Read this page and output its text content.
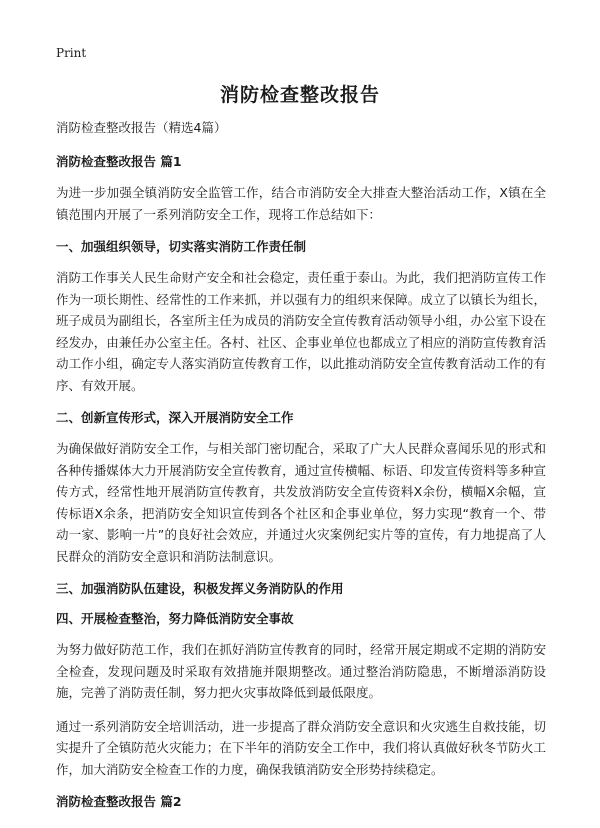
Print
消防检查整改报告

消防检查整改报告（精选4篇）

消防检查整改报告 篇1

为进一步加强全镇消防安全监管工作，结合市消防安全大排查大整治活动工作，X镇在全镇范围内开展了一系列消防安全工作，现将工作总结如下：

一、加强组织领导，切实落实消防工作责任制

消防工作事关人民生命财产安全和社会稳定，责任重于泰山。为此，我们把消防宣传工作作为一项长期性、经常性的工作来抓，并以强有力的组织来保障。成立了以镇长为组长，班子成员为副组长，各室所主任为成员的消防安全宣传教育活动领导小组，办公室下设在经发办，由兼任办公室主任。各村、社区、企事业单位也都成立了相应的消防宣传教育活动工作小组，确定专人落实消防宣传教育工作，以此推动消防安全宣传教育活动工作的有序、有效开展。

二、创新宣传形式，深入开展消防安全工作

为确保做好消防安全工作，与相关部门密切配合，采取了广大人民群众喜闻乐见的形式和各种传播媒体大力开展消防安全宣传教育，通过宣传横幅、标语、印发宣传资料等多种宣传方式，经常性地开展消防宣传教育，共发放消防安全宣传资料X余份，横幅X余幅，宣传标语X余条，把消防安全知识宣传到各个社区和企事业单位，努力实现“教育一个、带动一家、影响一片”的良好社会效应，并通过火灾案例纪实片等的宣传，有力地提高了人民群众的消防安全意识和消防法制意识。

三、加强消防队伍建设，积极发挥义务消防队的作用

四、开展检查整治，努力降低消防安全事故

为努力做好防范工作，我们在抓好消防宣传教育的同时，经常开展定期或不定期的消防安全检查，发现问题及时采取有效措施并限期整改。通过整治消防隐患，不断增添消防设施，完善了消防责任制，努力把火灾事故降低到最低限度。

通过一系列消防安全培训活动，进一步提高了群众消防安全意识和火灾逃生自救技能，切实提升了全镇防范火灾能力；在下半年的消防安全工作中，我们将认真做好秋冬节防火工作，加大消防安全检查工作的力度，确保我镇消防安全形势持续稳定。

消防检查整改报告 篇2
